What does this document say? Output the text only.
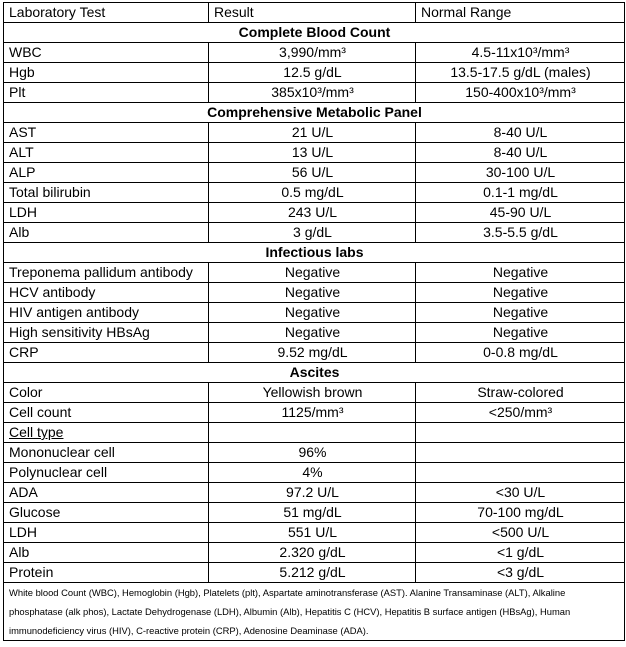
Laboratory Test	Result	Normal Range
Complete Blood Count		
WBC	3,990/mm³	4.5-11x10³/mm³
Hgb	12.5 g/dL	13.5-17.5 g/dL (males)
Plt	385x10³/mm³	150-400x10³/mm³
Comprehensive Metabolic Panel		
AST	21 U/L	8-40 U/L
ALT	13 U/L	8-40 U/L
ALP	56 U/L	30-100 U/L
Total bilirubin	0.5 mg/dL	0.1-1 mg/dL
LDH	243 U/L	45-90 U/L
Alb	3 g/dL	3.5-5.5 g/dL
Infectious labs		
Treponema pallidum antibody	Negative	Negative
HCV antibody	Negative	Negative
HIV antigen antibody	Negative	Negative
High sensitivity HBsAg	Negative	Negative
CRP	9.52 mg/dL	0-0.8 mg/dL
Ascites		
Color	Yellowish brown	Straw-colored
Cell count	1125/mm³	<250/mm³
Cell type		
Mononuclear cell	96%	
Polynuclear cell	4%	
ADA	97.2 U/L	<30 U/L
Glucose	51 mg/dL	70-100 mg/dL
LDH	551 U/L	<500 U/L
Alb	2.320 g/dL	<1 g/dL
Protein	5.212 g/dL	<3 g/dL
White blood Count (WBC), Hemoglobin (Hgb), Platelets (plt), Aspartate aminotransferase (AST). Alanine Transaminase (ALT), Alkaline phosphatase (alk phos), Lactate Dehydrogenase (LDH), Albumin (Alb), Hepatitis C (HCV), Hepatitis B surface antigen (HBsAg), Human immunodeficiency virus (HIV), C-reactive protein (CRP), Adenosine Deaminase (ADA).		
